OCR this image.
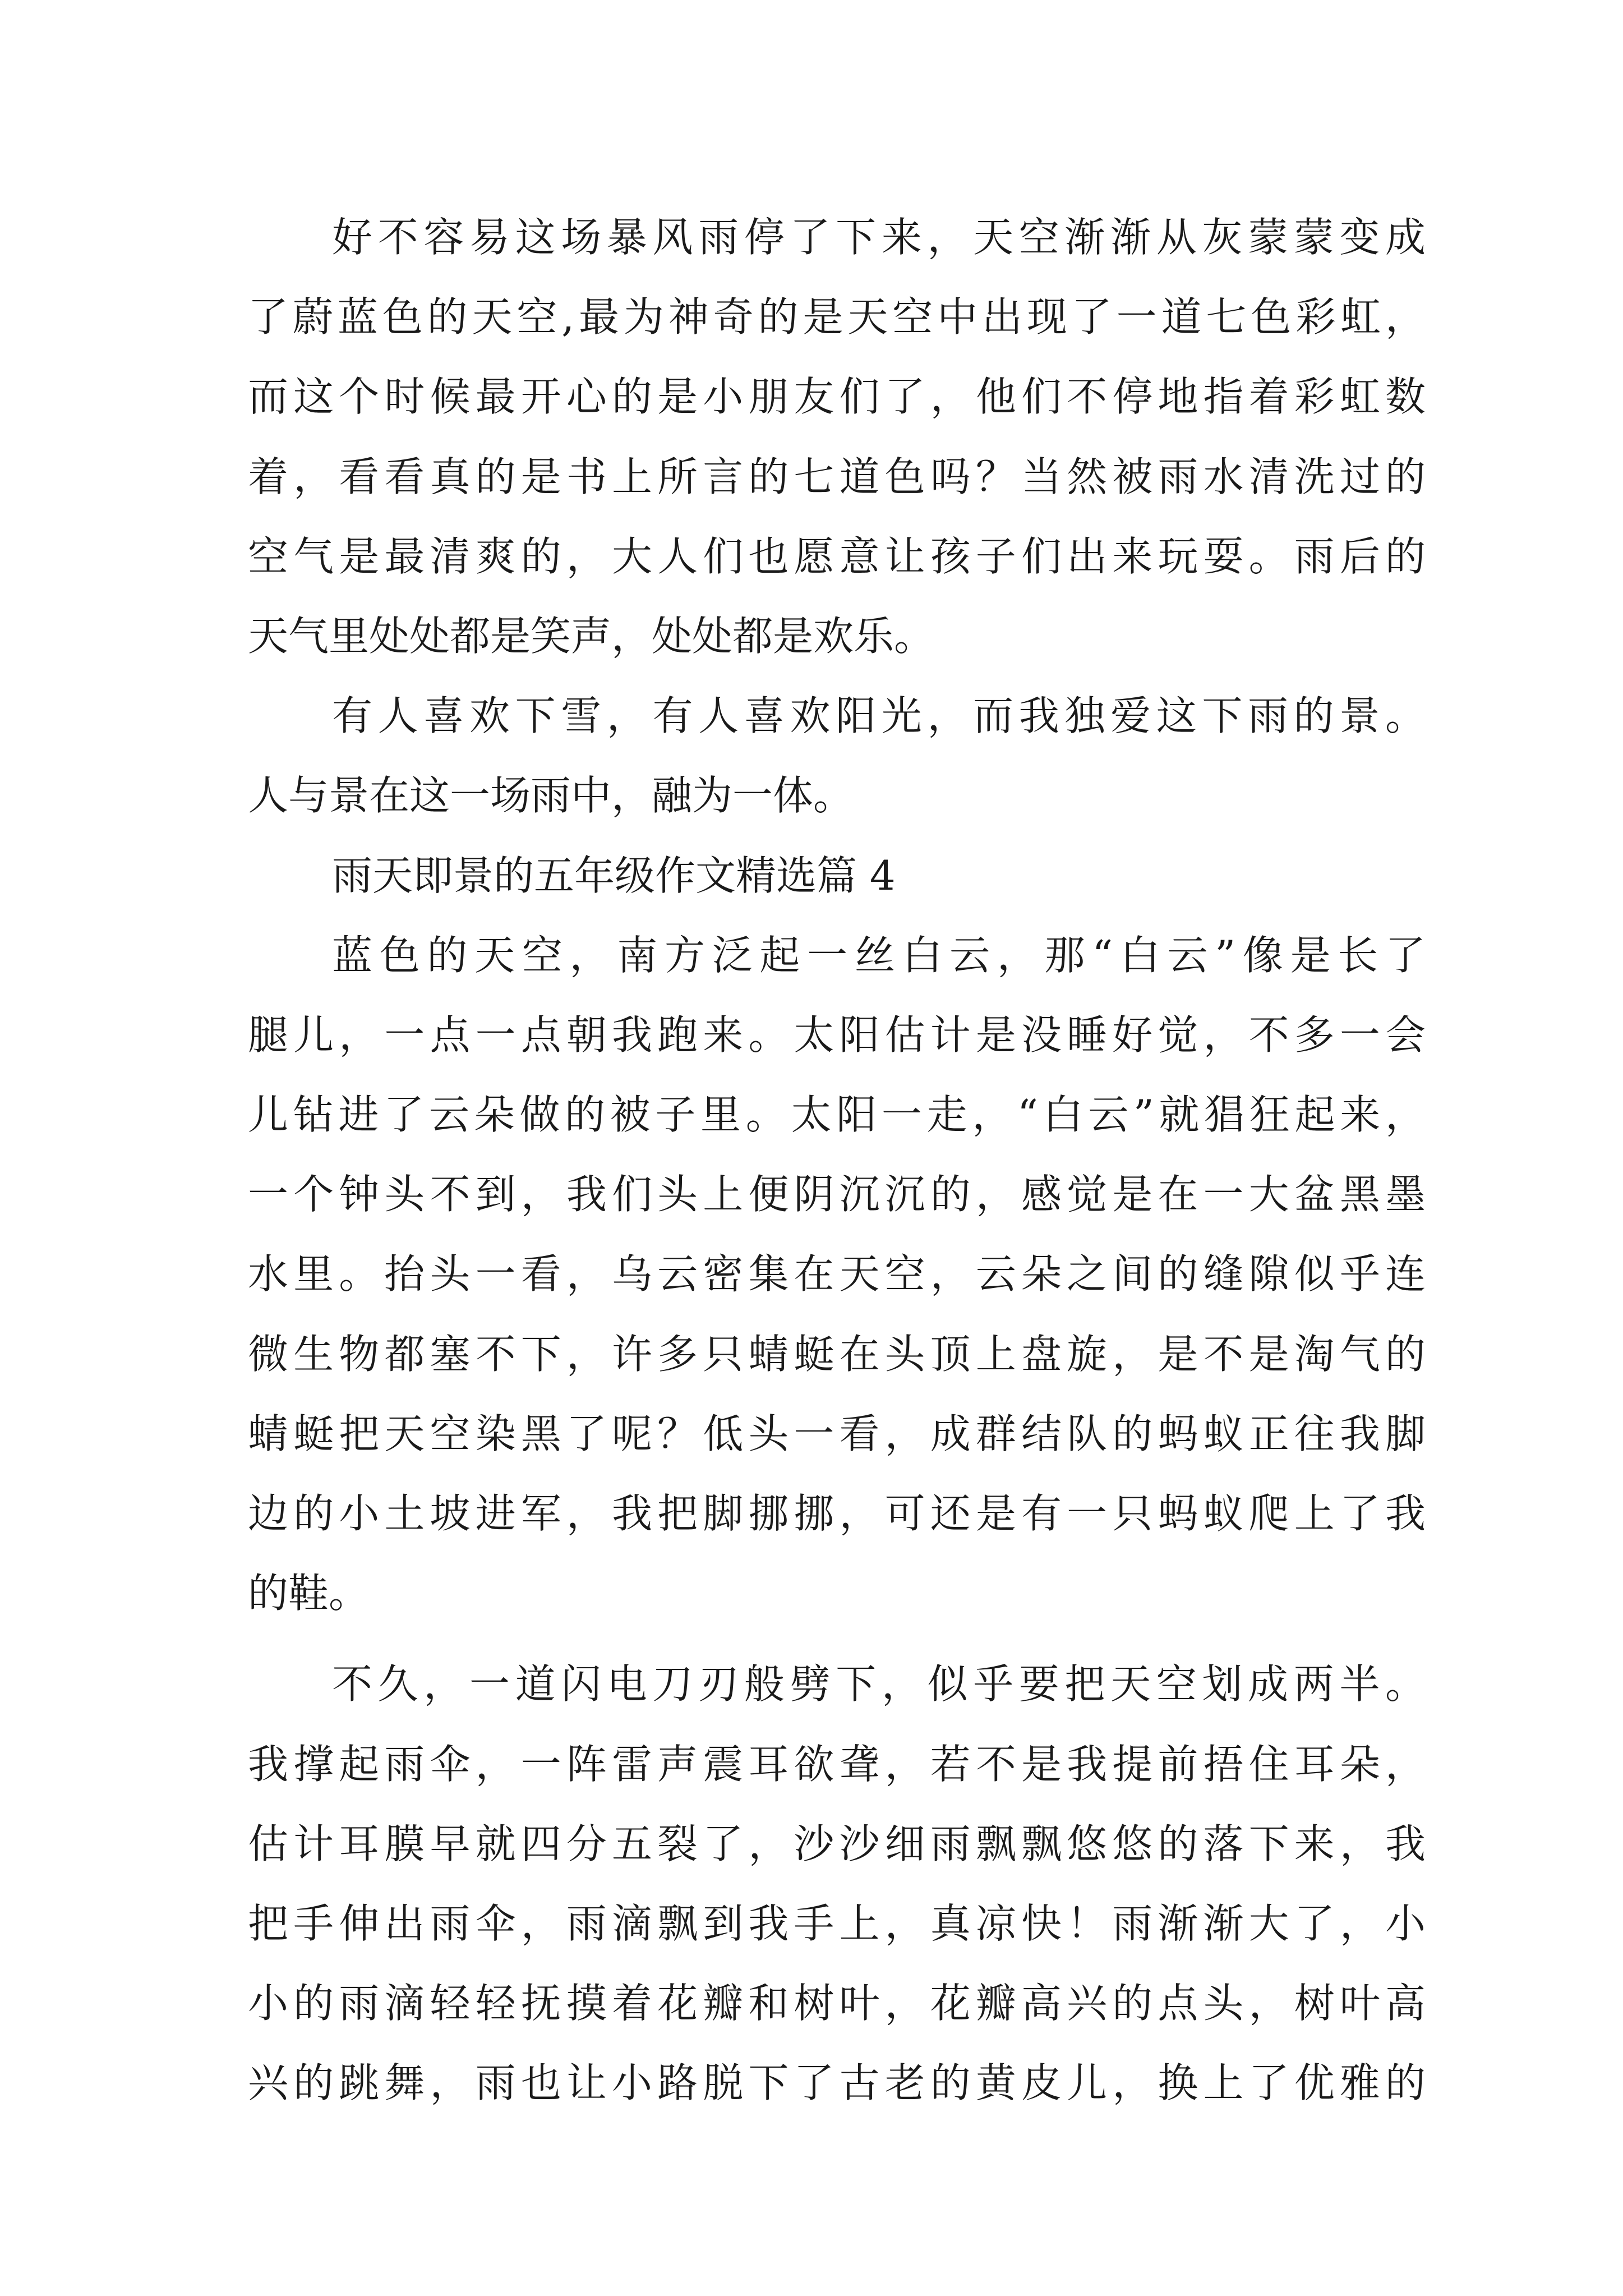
好不容易这场暴风雨停了下来，天空渐渐从灰蒙蒙变成
了蔚蓝色的天空,最为神奇的是天空中出现了一道七色彩虹，
而这个时候最开心的是小朋友们了，他们不停地指着彩虹数
着，看看真的是书上所言的七道色吗？当然被雨水清洗过的
空气是最清爽的，大人们也愿意让孩子们出来玩耍。雨后的
天气里处处都是笑声，处处都是欢乐。
有人喜欢下雪，有人喜欢阳光，而我独爱这下雨的景。
人与景在这一场雨中，融为一体。
雨天即景的五年级作文精选篇 4
蓝色的天空，南方泛起一丝白云，那“白云”像是长了
腿儿，一点一点朝我跑来。太阳估计是没睡好觉，不多一会
儿钻进了云朵做的被子里。太阳一走，“白云”就猖狂起来，
一个钟头不到，我们头上便阴沉沉的，感觉是在一大盆黑墨
水里。抬头一看，乌云密集在天空，云朵之间的缝隙似乎连
微生物都塞不下，许多只蜻蜓在头顶上盘旋，是不是淘气的
蜻蜓把天空染黑了呢？低头一看，成群结队的蚂蚁正往我脚
边的小土坡进军，我把脚挪挪，可还是有一只蚂蚁爬上了我
的鞋。
不久，一道闪电刀刃般劈下，似乎要把天空划成两半。
我撑起雨伞，一阵雷声震耳欲聋，若不是我提前捂住耳朵，
估计耳膜早就四分五裂了，沙沙细雨飘飘悠悠的落下来，我
把手伸出雨伞，雨滴飘到我手上，真凉快！雨渐渐大了，小
小的雨滴轻轻抚摸着花瓣和树叶，花瓣高兴的点头，树叶高
兴的跳舞，雨也让小路脱下了古老的黄皮儿，换上了优雅的
